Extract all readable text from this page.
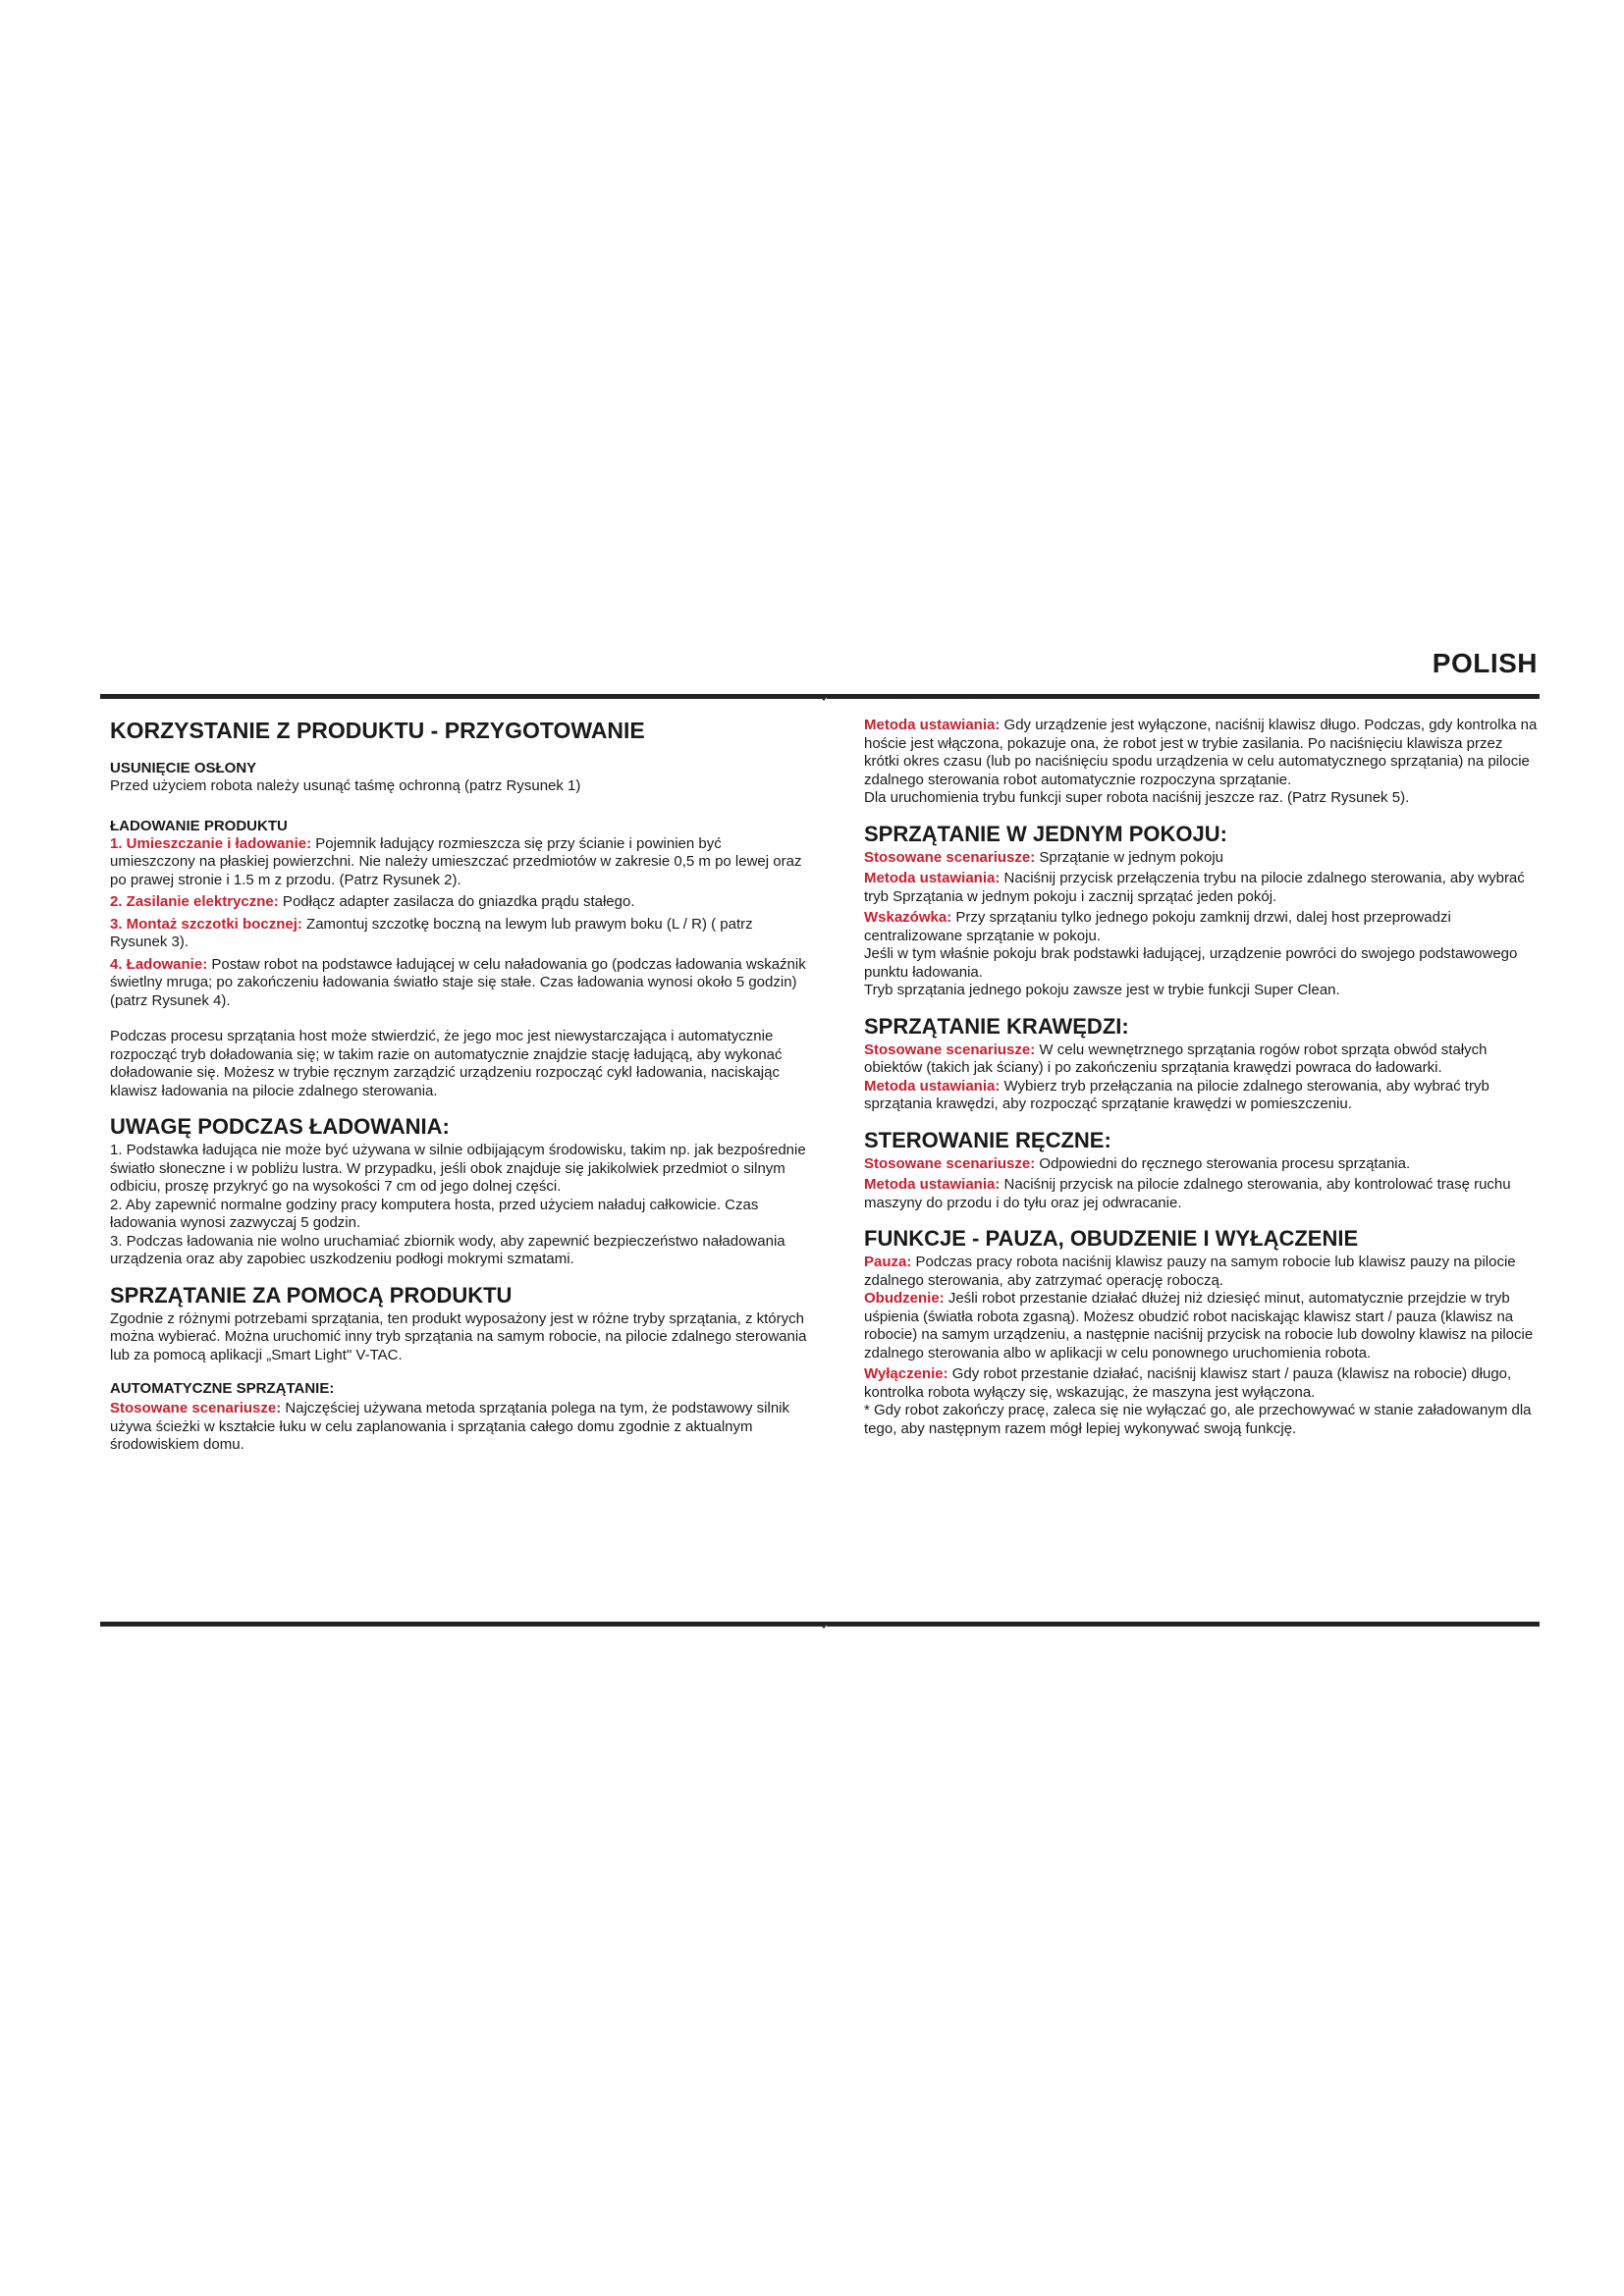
POLISH
KORZYSTANIE Z PRODUKTU - PRZYGOTOWANIE
USUNIĘCIE OSŁONY

Przed użyciem robota należy usunąć taśmę ochronną (patrz Rysunek 1)

ŁADOWANIE PRODUKTU

1. Umieszczanie i ładowanie: Pojemnik ładujący rozmieszcza się przy ścianie i powinien być umieszczony na płaskiej powierzchni. Nie należy umieszczać przedmiotów w zakresie 0,5 m po lewej oraz po prawej stronie i 1.5 m z przodu. (Patrz Rysunek 2).

2. Zasilanie elektryczne: Podłącz adapter zasilacza do gniazdka prądu stałego.

3. Montaż szczotki bocznej: Zamontuj szczotkę boczną na lewym lub prawym boku (L / R) ( patrz Rysunek 3).

4. Ładowanie: Postaw robot na podstawce ładującej w celu naładowania go (podczas ładowania wskaźnik świetlny mruga; po zakończeniu ładowania światło staje się stałe. Czas ładowania wynosi około 5 godzin) (patrz Rysunek 4).

Podczas procesu sprzątania host może stwierdzić, że jego moc jest niewystarczająca i automatycznie rozpocząć tryb doładowania się; w takim razie on automatycznie znajdzie stację ładującą, aby wykonać doładowanie się. Możesz w trybie ręcznym zarządzić urządzeniu rozpocząć cykl ładowania, naciskając klawisz ładowania na pilocie zdalnego sterowania.

UWAGĘ PODCZAS ŁADOWANIA:

1. Podstawka ładująca nie może być używana w silnie odbijającym środowisku, takim np. jak bezpośrednie światło słoneczne i w pobliżu lustra. W przypadku, jeśli obok znajduje się jakikolwiek przedmiot o silnym odbiciu, proszę przykryć go na wysokości 7 cm od jego dolnej części.

2. Aby zapewnić normalne godziny pracy komputera hosta, przed użyciem naładuj całkowicie. Czas ładowania wynosi zazwyczaj 5 godzin.

3. Podczas ładowania nie wolno uruchamiać zbiornik wody, aby zapewnić bezpieczeństwo naładowania urządzenia oraz aby zapobiec uszkodzeniu podłogi mokrymi szmatami.

SPRZĄTANIE ZA POMOCĄ PRODUKTU

Zgodnie z różnymi potrzebami sprzątania, ten produkt wyposażony jest w różne tryby sprzątania, z których można wybierać. Można uruchomić inny tryb sprzątania na samym robocie, na pilocie zdalnego sterowania lub za pomocą aplikacji „Smart Light" V-TAC.

AUTOMATYCZNE SPRZĄTANIE:

Stosowane scenariusze: Najczęściej używana metoda sprzątania polega na tym, że podstawowy silnik używa ścieżki w kształcie łuku w celu zaplanowania i sprzątania całego domu zgodnie z aktualnym środowiskiem domu.

Metoda ustawiania: Gdy urządzenie jest wyłączone, naciśnij klawisz długo. Podczas, gdy kontrolka na hoście jest włączona, pokazuje ona, że robot jest w trybie zasilania. Po naciśnięciu klawisza przez krótki okres czasu (lub po naciśnięciu spodu urządzenia w celu automatycznego sprzątania) na pilocie zdalnego sterowania robot automatycznie rozpoczyna sprzątanie.

Dla uruchomienia trybu funkcji super robota naciśnij jeszcze raz. (Patrz Rysunek 5).

SPRZĄTANIE W JEDNYM POKOJU:

Stosowane scenariusze: Sprzątanie w jednym pokoju

Metoda ustawiania: Naciśnij przycisk przełączenia trybu na pilocie zdalnego sterowania, aby wybrać tryb Sprzątania w jednym pokoju i zacznij sprzątać jeden pokój.

Wskazówka: Przy sprzątaniu tylko jednego pokoju zamknij drzwi, dalej host przeprowadzi centralizowane sprzątanie w pokoju.

Jeśli w tym właśnie pokoju brak podstawki ładującej, urządzenie powróci do swojego podstawowego punktu ładowania.

Tryb sprzątania jednego pokoju zawsze jest w trybie funkcji Super Clean.

SPRZĄTANIE KRAWĘDZI:

Stosowane scenariusze: W celu wewnętrznego sprzątania rogów robot sprząta obwód stałych obiektów (takich jak ściany) i po zakończeniu sprzątania krawędzi powraca do ładowarki.

Metoda ustawiania: Wybierz tryb przełączania na pilocie zdalnego sterowania, aby wybrać tryb sprzątania krawędzi, aby rozpocząć sprzątanie krawędzi w pomieszczeniu.

STEROWANIE RĘCZNE:

Stosowane scenariusze: Odpowiedni do ręcznego sterowania procesu sprzątania.

Metoda ustawiania: Naciśnij przycisk na pilocie zdalnego sterowania, aby kontrolować trasę ruchu maszyny do przodu i do tyłu oraz jej odwracanie.

FUNKCJE - PAUZA, OBUDZENIE I WYŁĄCZENIE

Pauza: Podczas pracy robota naciśnij klawisz pauzy na samym robocie lub klawisz pauzy na pilocie zdalnego sterowania, aby zatrzymać operację roboczą.

Obudzenie: Jeśli robot przestanie działać dłużej niż dziesięć minut, automatycznie przejdzie w tryb uśpienia (światła robota zgasną). Możesz obudzić robot naciskając klawisz start / pauza (klawisz na robocie) na samym urządzeniu, a następnie naciśnij przycisk na robocie lub dowolny klawisz na pilocie zdalnego sterowania albo w aplikacji w celu ponownego uruchomienia robota.

Wyłączenie: Gdy robot przestanie działać, naciśnij klawisz start / pauza (klawisz na robocie) długo, kontrolka robota wyłączy się, wskazując, że maszyna jest wyłączona.

* Gdy robot zakończy pracę, zaleca się nie wyłączać go, ale przechowywać w stanie załadowanym dla tego, aby następnym razem mógł lepiej wykonywać swoją funkcję.
